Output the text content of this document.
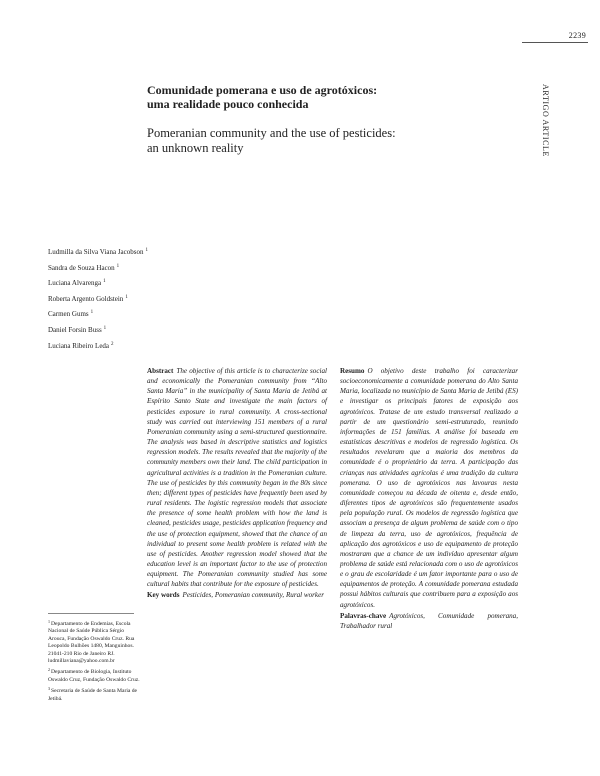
2239
ARTIGO ARTICLE
Comunidade pomerana e uso de agrotóxicos:
uma realidade pouco conhecida
Pomeranian community and the use of pesticides:
an unknown reality
Ludmilla da Silva Viana Jacobson $^1$
Sandra de Souza Hacon $^1$
Luciana Alvarenga $^1$
Roberta Argento Goldstein $^1$
Carmen Gums $^1$
Daniel Forsin Buss $^1$
Luciana Ribeiro Leda $^2$
Abstract The objective of this article is to characterize social and economically the Pomeranian community from “Alto Santa Maria” in the municipality of Santa Maria de Jetibá at Espírito Santo State and investigate the main factors of pesticides exposure in rural community. A cross-sectional study was carried out interviewing 151 members of a rural Pomeranian community using a semi-structured questionnaire. The analysis was based in descriptive statistics and logistics regression models. The results revealed that the majority of the community members own their land. The child participation in agricultural activities is a tradition in the Pomeranian culture. The use of pesticides by this community began in the 80s since then; different types of pesticides have frequently been used by rural residents. The logistic regression models that associate the presence of some health problem with how the land is cleaned, pesticides usage, pesticides application frequency and the use of protection equipment, showed that the chance of an individual to present some health problem is related with the use of pesticides. Another regression model showed that the education level is an important factor to the use of protection equipment. The Pomeranian community studied has some cultural habits that contribute for the exposure of pesticides.
Key words Pesticides, Pomeranian community, Rural worker
Resumo O objetivo deste trabalho foi caracterizar socioeconomicamente a comunidade pomerana do Alto Santa Maria, localizada no município de Santa Maria de Jetibá (ES) e investigar os principais fatores de exposição aos agrotóxicos. Tratase de um estudo transversal realizado a partir de um questionário semi-estruturado, reunindo informações de 151 famílias. A análise foi baseada em estatísticas descritivas e modelos de regressão logística. Os resultados revelaram que a maioria dos membros da comunidade é o proprietário da terra. A participação das crianças nas atividades agrícolas é uma tradição da cultura pomerana. O uso de agrotóxicos nas lavouras nesta comunidade começou na década de oitenta e, desde então, diferentes tipos de agrotóxicos são frequentemente usados pela população rural. Os modelos de regressão logística que associam a presença de algum problema de saúde com o tipo de limpeza da terra, uso de agrotóxicos, frequência de aplicação dos agrotóxicos e uso de equipamento de proteção mostraram que a chance de um indivíduo apresentar algum problema de saúde está relacionada com o uso de agrotóxicos e o grau de escolaridade é um fator importante para o uso de equipamentos de proteção. A comunidade pomerana estudada possui hábitos culturais que contribuem para a exposição aos agrotóxicos.
Palavras-chave Agrotóxicos, Comunidade pomerana, Trabalhador rural
$^1$Departamento de Endemias, Escola Nacional de Saúde Pública Sérgio Arouca, Fundação Oswaldo Cruz. Rua Leopoldo Bulhões 1480, Manguinhos. 21041-210 Rio de Janeiro RJ. ludmillaviana@yahoo.com.br
$^2$Departamento de Biologia, Instituto Oswaldo Cruz, Fundação Oswaldo Cruz.
$^3$Secretaria de Saúde de Santa Maria de Jetibá.
